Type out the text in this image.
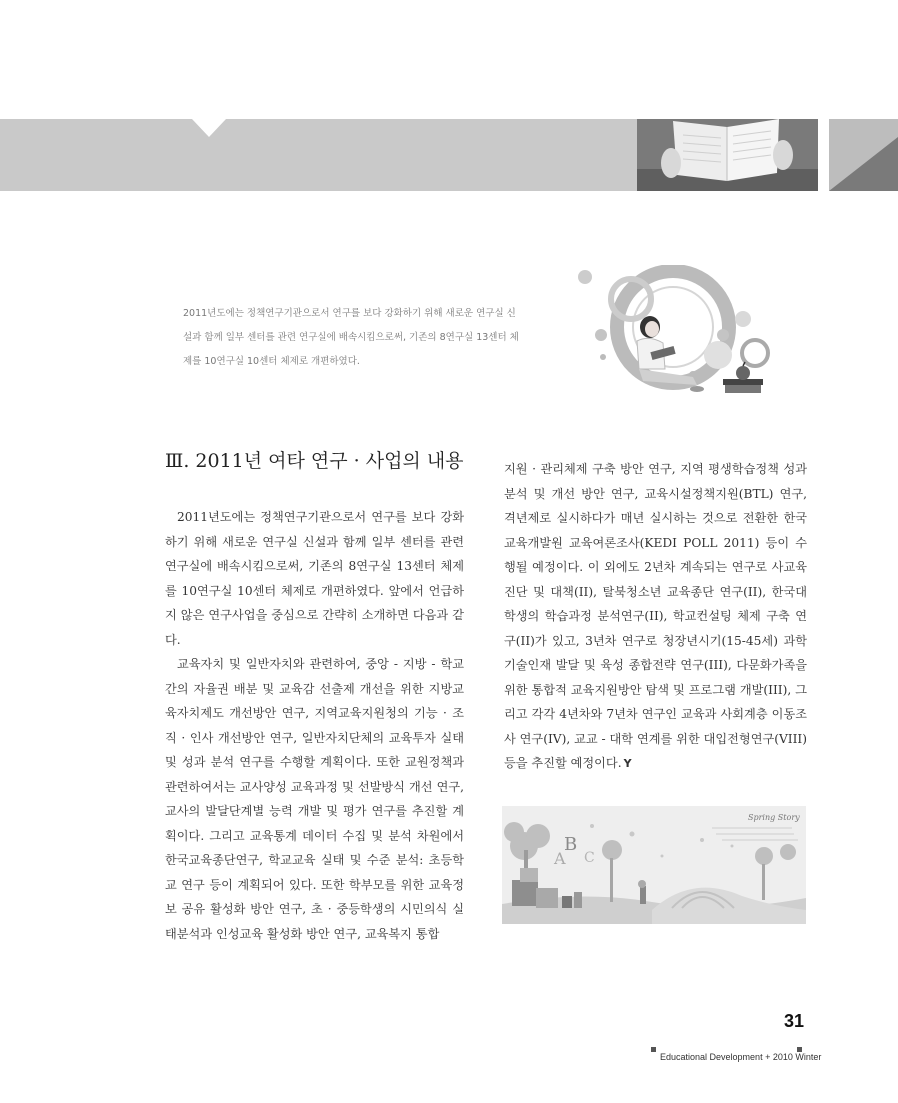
2011년도에는 정책연구기관으로서 연구를 보다 강화하기 위해 새로운 연구실 신
설과 함께 일부 센터를 관련 연구실에 배속시킴으로써, 기존의 8연구실 13센터 체
제를 10연구실 10센터 체제로 개편하였다.
Ⅲ. 2011년 여타 연구 · 사업의 내용

2011년도에는 정책연구기관으로서 연구를 보다 강화하기 위해 새로운 연구실 신설과 함께 일부 센터를 관련 연구실에 배속시킴으로써, 기존의 8연구실 13센터 체제를 10연구실 10센터 체제로 개편하였다. 앞에서 언급하지 않은 연구사업을 중심으로 간략히 소개하면 다음과 같다.

교육자치 및 일반자치와 관련하여, 중앙 - 지방 - 학교 간의 자율권 배분 및 교육감 선출제 개선을 위한 지방교육자치제도 개선방안 연구, 지역교육지원청의 기능 · 조직 · 인사 개선방안 연구, 일반자치단체의 교육투자 실태 및 성과 분석 연구를 수행할 계획이다. 또한 교원정책과 관련하여서는 교사양성 교육과정 및 선발방식 개선 연구, 교사의 발달단계별 능력 개발 및 평가 연구를 추진할 계획이다. 그리고 교육통계 데이터 수집 및 분석 차원에서 한국교육종단연구, 학교교육 실태 및 수준 분석: 초등학교 연구 등이 계획되어 있다. 또한 학부모를 위한 교육정보 공유 활성화 방안 연구, 초 · 중등학생의 시민의식 실태분석과 인성교육 활성화 방안 연구, 교육복지 통합

지원 · 관리체제 구축 방안 연구, 지역 평생학습정책 성과 분석 및 개선 방안 연구, 교육시설정책지원(BTL) 연구, 격년제로 실시하다가 매년 실시하는 것으로 전환한 한국교육개발원 교육여론조사(KEDI POLL 2011) 등이 수행될 예정이다. 이 외에도 2년차 계속되는 연구로 사교육 진단 및 대책(II), 탈북청소년 교육종단 연구(II), 한국대학생의 학습과정 분석연구(II), 학교컨설팅 체제 구축 연구(II)가 있고, 3년차 연구로 청장년시기(15-45세) 과학기술인재 발달 및 육성 종합전략 연구(III), 다문화가족을 위한 통합적 교육지원방안 탐색 및 프로그램 개발(III), 그리고 각각 4년차와 7년차 연구인 교육과 사회계층 이동조사 연구(IV), 교교 - 대학 연계를 위한 대입전형연구(VIII) 등을 추진할 예정이다. Y

Spring Story
A
B
C
31
Educational Development + 2010 Winter
